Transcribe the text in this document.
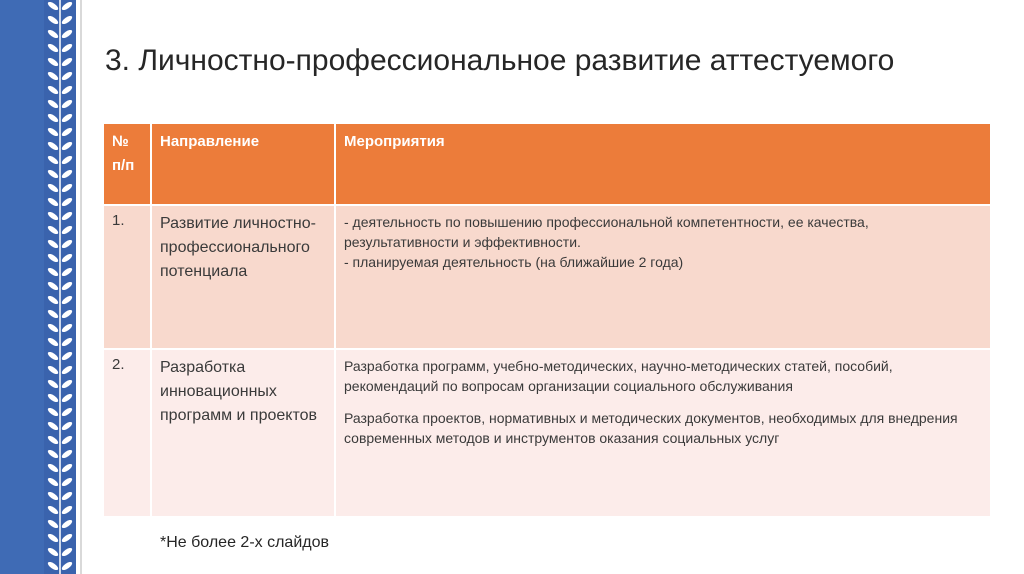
3. Личностно-профессиональное развитие аттестуемого
№ п/п	Направление	Мероприятия
1.	Развитие личностно-профессионального потенциала	- деятельность по повышению профессиональной компетентности, ее качества, результативности и эффективности.

- планируемая деятельность (на ближайшие 2 года)

2.	Разработка инновационных программ и проектов	Разработка программ, учебно-методических, научно-методических статей, пособий, рекомендаций по вопросам организации социального обслуживания

Разработка проектов, нормативных и методических документов, необходимых для внедрения современных методов и инструментов оказания социальных услуг

*Не более 2-х слайдов
